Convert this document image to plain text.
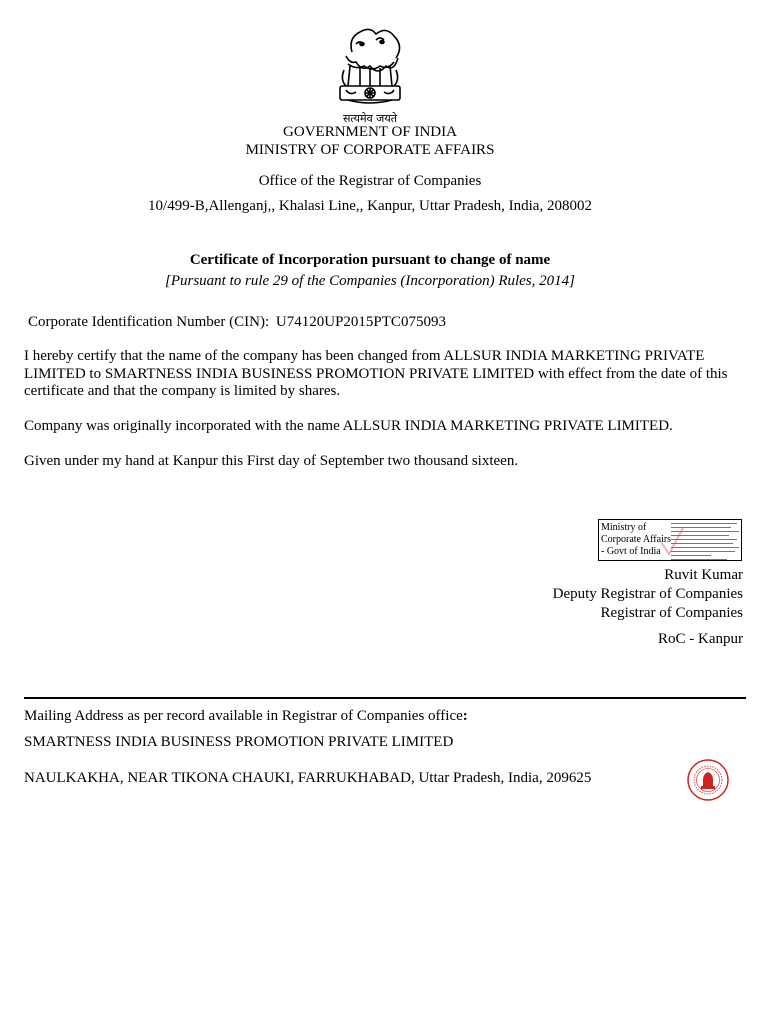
सत्यमेव जयते
GOVERNMENT OF INDIA
MINISTRY OF CORPORATE AFFAIRS
Office of the Registrar of Companies
10/499-B,Allenganj,, Khalasi Line,, Kanpur, Uttar Pradesh, India, 208002
Certificate of Incorporation pursuant to change of name
[Pursuant to rule 29 of the Companies (Incorporation) Rules, 2014]
Corporate Identification Number (CIN): U74120UP2015PTC075093
I hereby certify that the name of the company has been changed from ALLSUR INDIA MARKETING PRIVATE
LIMITED to SMARTNESS INDIA BUSINESS PROMOTION PRIVATE LIMITED with effect from the date of this
certificate and that the company is limited by shares.
Company was originally incorporated with the name ALLSUR INDIA MARKETING PRIVATE LIMITED.
Given under my hand at Kanpur this First day of September two thousand sixteen.
Ministry of
Corporate Affairs
- Govt of India
Ruvit Kumar
Deputy Registrar of Companies
Registrar of Companies
RoC - Kanpur
Mailing Address as per record available in Registrar of Companies office:
SMARTNESS INDIA BUSINESS PROMOTION PRIVATE LIMITED
NAULKAKHA, NEAR TIKONA CHAUKI, FARRUKHABAD, Uttar Pradesh, India, 209625
